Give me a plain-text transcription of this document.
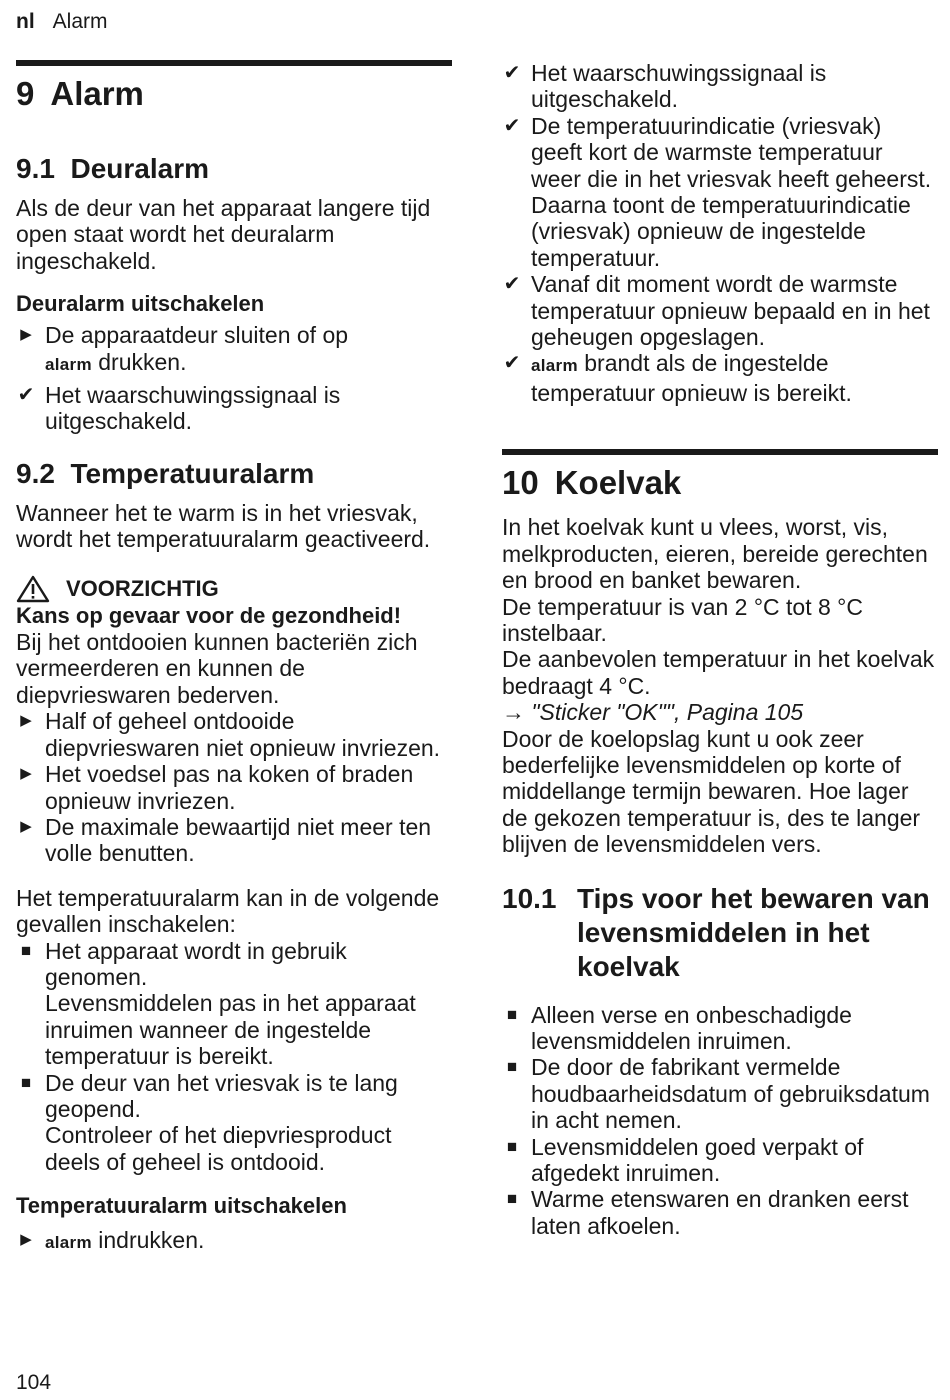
nl Alarm
9 Alarm
9.1 Deuralarm

Als de deur van het apparaat langere tijd open staat wordt het deuralarm ingeschakeld.

Deuralarm uitschakelen
▶ De apparaatdeur sluiten of op
alarm drukken.
✔ Het waarschuwingssignaal is uitgeschakeld.
9.2 Temperatuuralarm

Wanneer het te warm is in het vriesvak, wordt het temperatuuralarm geactiveerd.

VOORZICHTIG
Kans op gevaar voor de gezondheid!

Bij het ontdooien kunnen bacteriën zich vermeerderen en kunnen de diepvrieswaren bederven.

▶ Half of geheel ontdooide diepvrieswaren niet opnieuw invriezen.
▶ Het voedsel pas na koken of braden opnieuw invriezen.
▶ De maximale bewaartijd niet meer ten volle benutten.

Het temperatuuralarm kan in de volgende gevallen inschakelen:

■ Het apparaat wordt in gebruik genomen.
Levensmiddelen pas in het apparaat inruimen wanneer de ingestelde temperatuur is bereikt.
■ De deur van het vriesvak is te lang geopend.
Controleer of het diepvriesproduct deels of geheel is ontdooid.
Temperatuuralarm uitschakelen
▶ alarm indrukken.
✔ Het waarschuwingssignaal is uitgeschakeld.
✔ De temperatuurindicatie (vriesvak) geeft kort de warmste temperatuur weer die in het vriesvak heeft geheerst. Daarna toont de temperatuurindicatie (vriesvak) opnieuw de ingestelde temperatuur.
✔ Vanaf dit moment wordt de warmste temperatuur opnieuw bepaald en in het geheugen opgeslagen.
✔ alarm brandt als de ingestelde temperatuur opnieuw is bereikt.
10 Koelvak

In het koelvak kunt u vlees, worst, vis, melkproducten, eieren, bereide gerechten en brood en banket bewaren.

De temperatuur is van 2 °C tot 8 °C instelbaar.

De aanbevolen temperatuur in het koelvak bedraagt 4 °C.

→ "Sticker "OK"", Pagina 105

Door de koelopslag kunt u ook zeer bederfelijke levensmiddelen op korte of middellange termijn bewaren. Hoe lager de gekozen temperatuur is, des te langer blijven de levensmiddelen vers.

10.1 Tips voor het bewaren van levensmiddelen in het koelvak
■ Alleen verse en onbeschadigde levensmiddelen inruimen.
■ De door de fabrikant vermelde houdbaarheidsdatum of gebruiksdatum in acht nemen.
■ Levensmiddelen goed verpakt of afgedekt inruimen.
■ Warme etenswaren en dranken eerst laten afkoelen.
104
